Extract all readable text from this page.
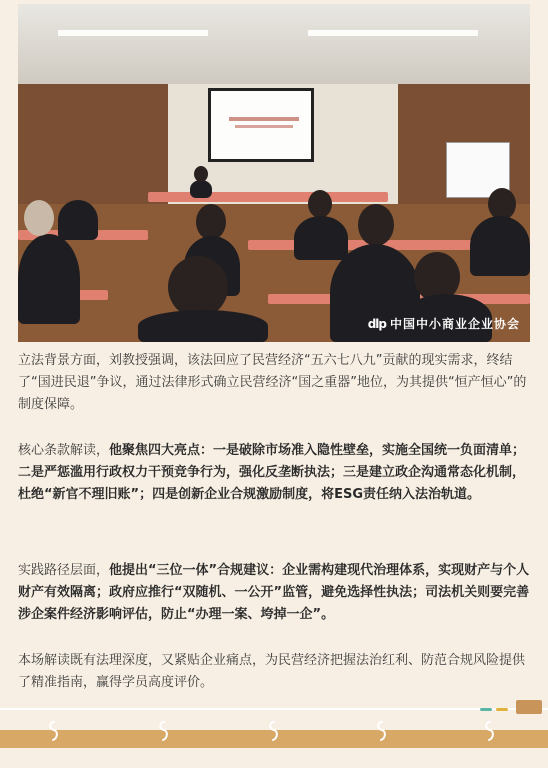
dlp 中国中小商业企业协会

立法背景方面，刘教授强调，该法回应了民营经济“五六七八九”贡献的现实需求，终结了“国进民退”争议，通过法律形式确立民营经济“国之重器”地位，为其提供“恒产恒心”的制度保障。

核心条款解读，他聚焦四大亮点：一是破除市场准入隐性壁垒，实施全国统一负面清单；二是严惩滥用行政权力干预竞争行为，强化反垄断执法；三是建立政企沟通常态化机制，杜绝“新官不理旧账”；四是创新企业合规激励制度，将ESG责任纳入法治轨道。

实践路径层面，他提出“三位一体”合规建议：企业需构建现代治理体系，实现财产与个人财产有效隔离；政府应推行“双随机、一公开”监管，避免选择性执法；司法机关则要完善涉企案件经济影响评估，防止“办理一案、垮掉一企”。

本场解读既有法理深度，又紧贴企业痛点，为民营经济把握法治红利、防范合规风险提供了精准指南，赢得学员高度评价。
